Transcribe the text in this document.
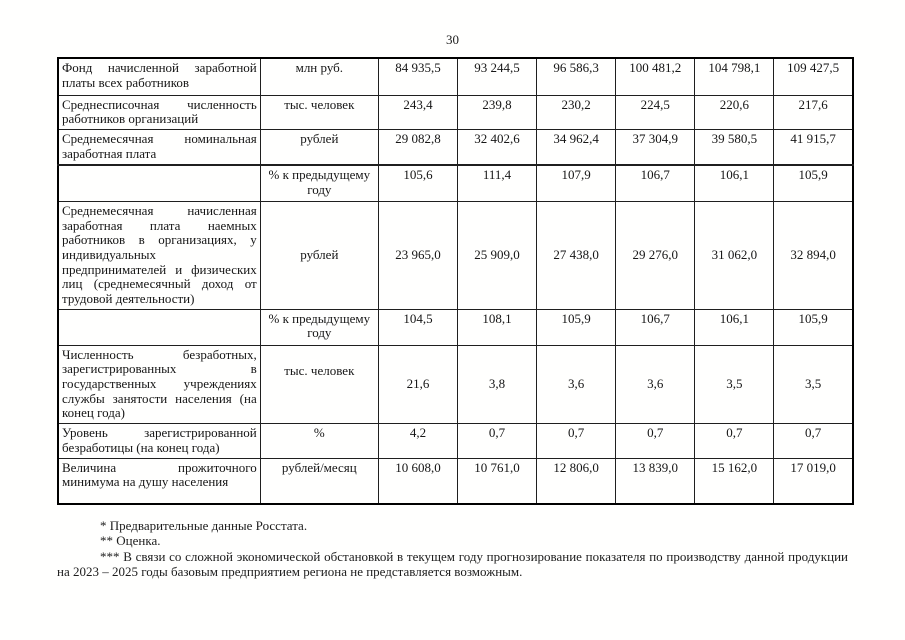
30
Фонд начисленной заработной платы всех работников	млн руб.	84 935,5	93 244,5	96 586,3	100 481,2	104 798,1	109 427,5
Среднесписочная численность работников организаций	тыс. человек	243,4	239,8	230,2	224,5	220,6	217,6
Среднемесячная номинальная заработная плата	рублей	29 082,8	32 402,6	34 962,4	37 304,9	39 580,5	41 915,7
	% к предыдущему году	105,6	111,4	107,9	106,7	106,1	105,9
Среднемесячная начисленная заработная плата наемных работников в организациях, у индивидуальных предпринимателей и физических лиц (среднемесячный доход от трудовой деятельности)	рублей	23 965,0	25 909,0	27 438,0	29 276,0	31 062,0	32 894,0
	% к предыдущему году	104,5	108,1	105,9	106,7	106,1	105,9
Численность безработных, зарегистрированных в государственных учреждениях службы занятости населения (на конец года)	тыс. человек	21,6	3,8	3,6	3,6	3,5	3,5
Уровень зарегистрированной безработицы (на конец года)	%	4,2	0,7	0,7	0,7	0,7	0,7
Величина прожиточного минимума на душу населения	рублей/месяц	10 608,0	10 761,0	12 806,0	13 839,0	15 162,0	17 019,0

* Предварительные данные Росстата.

** Оценка.

*** В связи со сложной экономической обстановкой в текущем году прогнозирование показателя по производству данной продукции на 2023 – 2025 годы базовым предприятием региона не представляется возможным.
